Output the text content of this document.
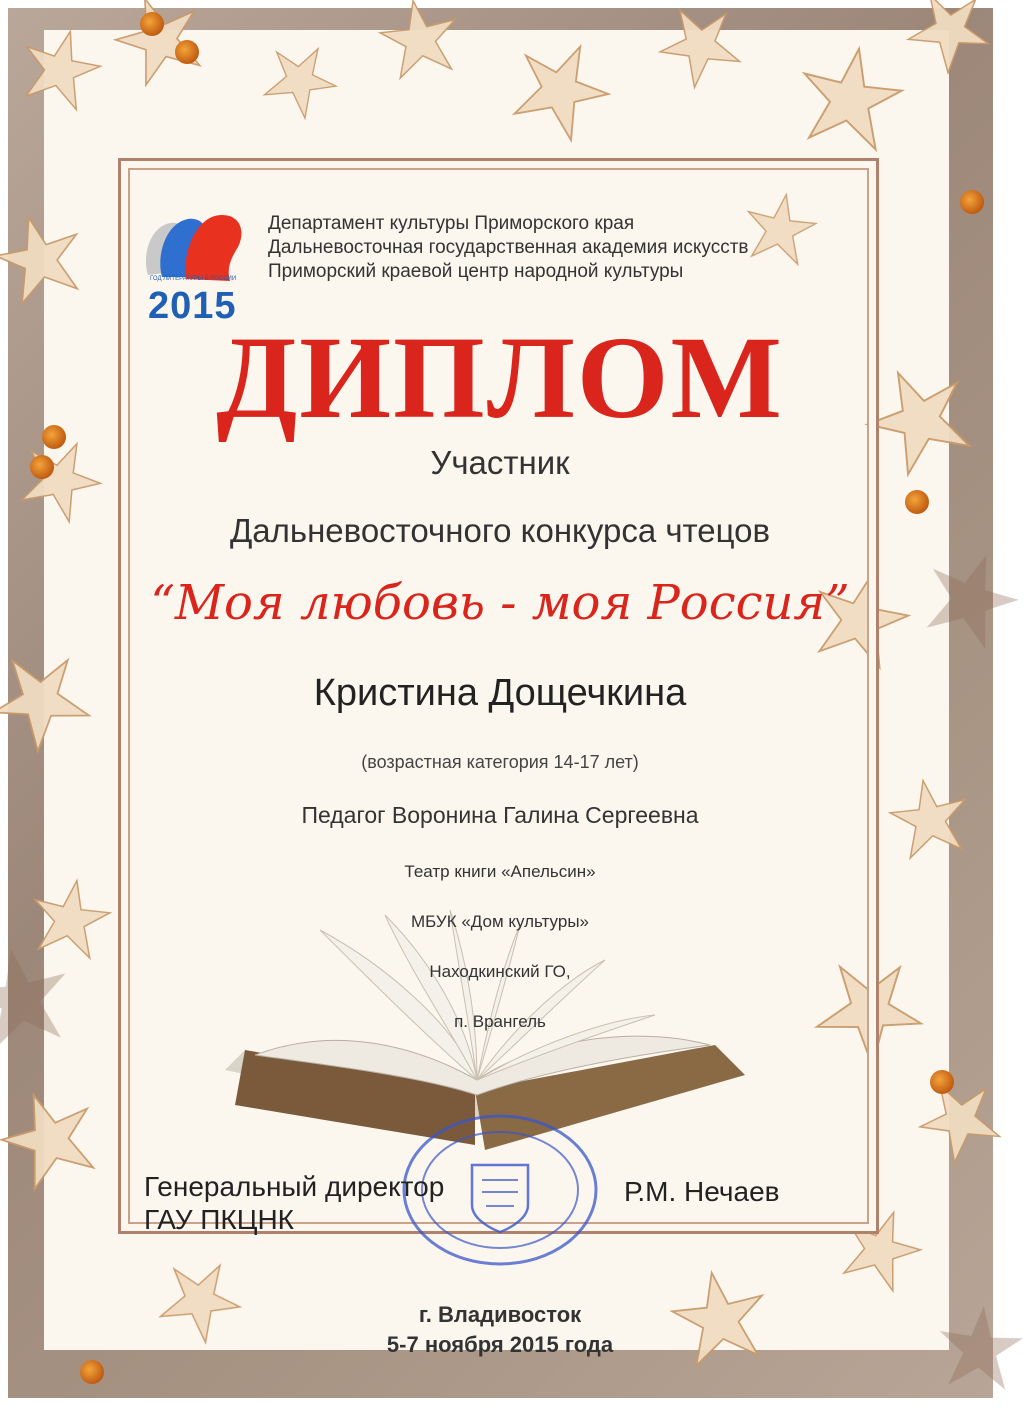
ГОД ЛИТЕРАТУРЫ В РОССИИ
2015
Департамент культуры Приморского края
Дальневосточная государственная академия искусств
Приморский краевой центр народной культуры
ДИПЛОМ
Участник
Дальневосточного конкурса чтецов
“Моя любовь - моя Россия”
Кристина Дощечкина
(возрастная категория 14-17 лет)
Педагог Воронина Галина Сергеевна
Театр книги «Апельсин»
МБУК «Дом культуры»
Находкинский ГО,
п. Врангель
Генеральный директор
ГАУ ПКЦНК
Р.М. Нечаев
г. Владивосток
5-7 ноября 2015 года
